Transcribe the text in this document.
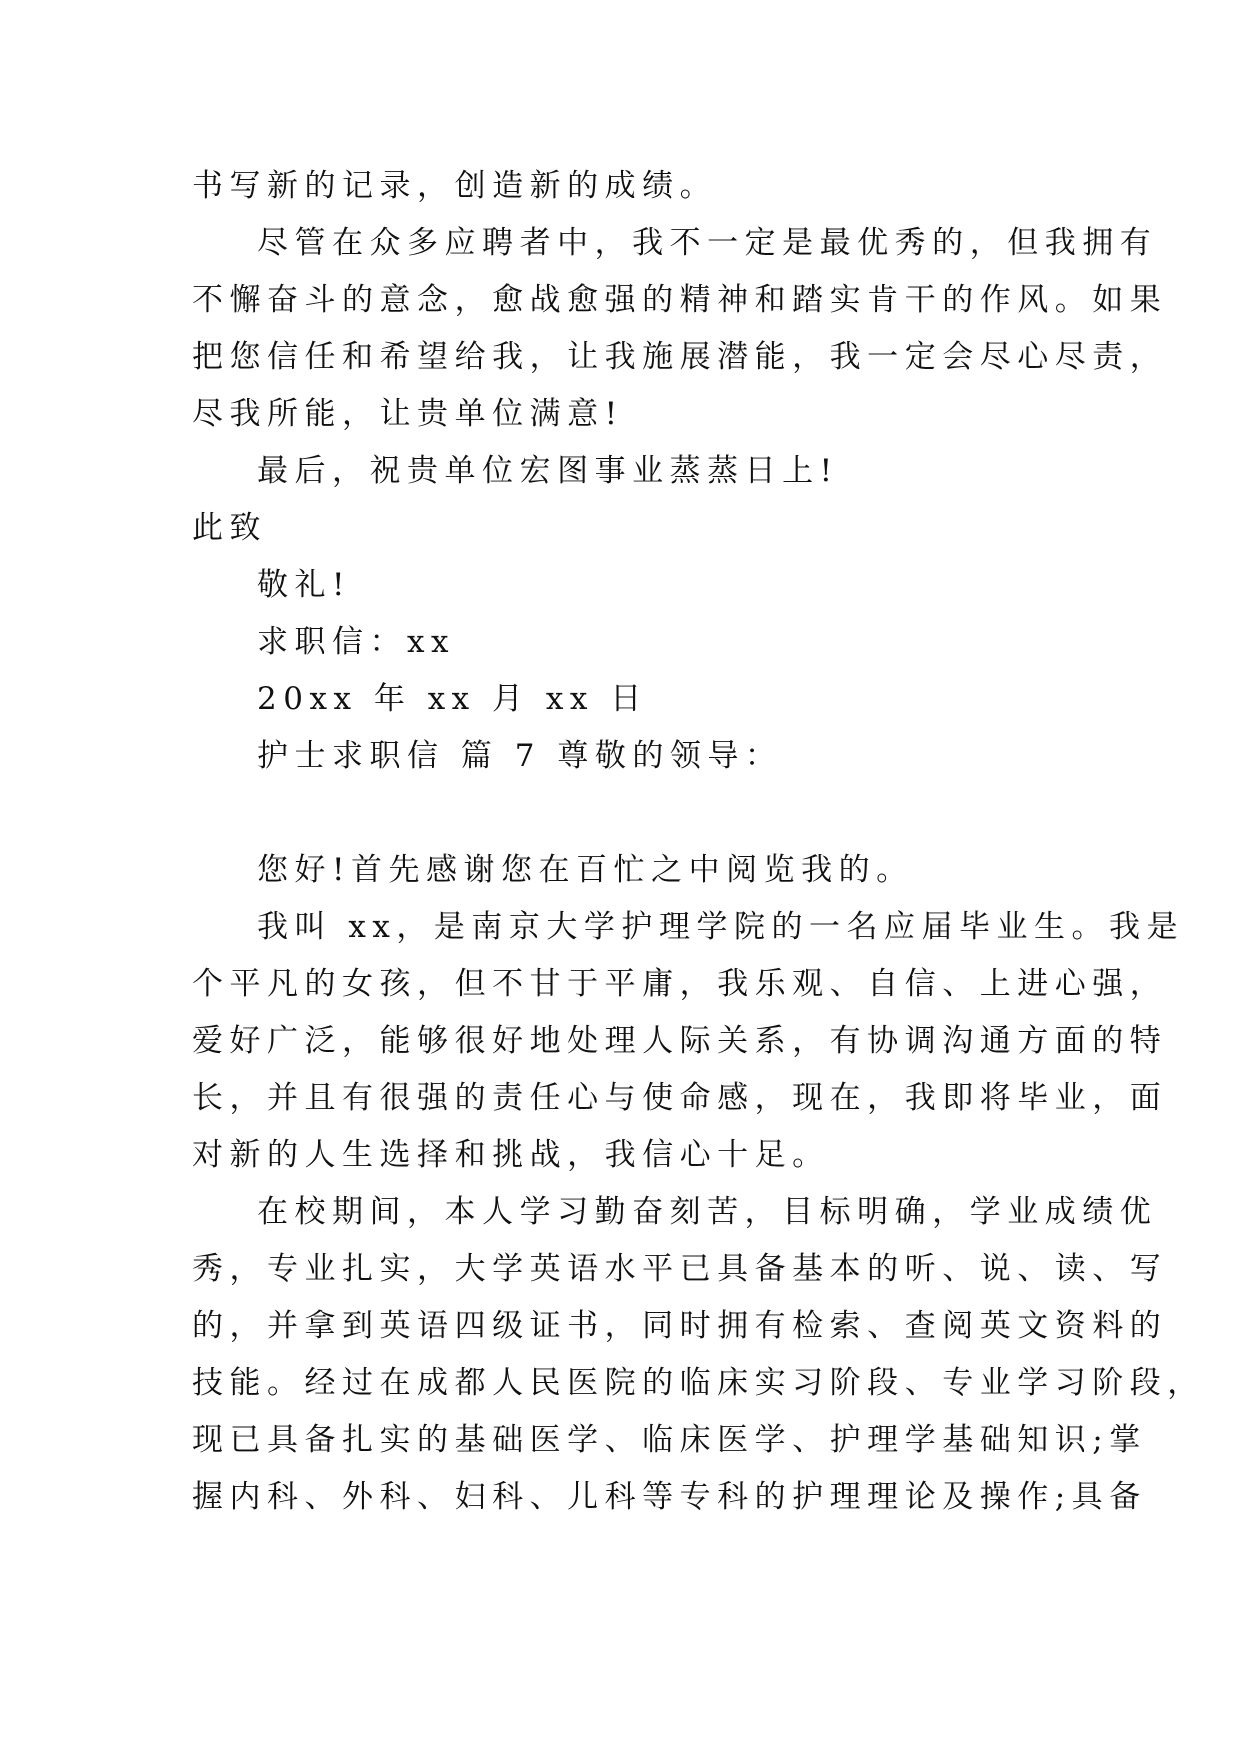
书写新的记录，创造新的成绩。
尽管在众多应聘者中，我不一定是最优秀的，但我拥有
不懈奋斗的意念，愈战愈强的精神和踏实肯干的作风。如果
把您信任和希望给我，让我施展潜能，我一定会尽心尽责，
尽我所能，让贵单位满意!
最后，祝贵单位宏图事业蒸蒸日上!
此致
敬礼!
求职信：xx
20xx 年 xx 月 xx 日
护士求职信 篇 7 尊敬的领导：
您好!首先感谢您在百忙之中阅览我的。
我叫 xx，是南京大学护理学院的一名应届毕业生。我是
个平凡的女孩，但不甘于平庸，我乐观、自信、上进心强，
爱好广泛，能够很好地处理人际关系，有协调沟通方面的特
长，并且有很强的责任心与使命感，现在，我即将毕业，面
对新的人生选择和挑战，我信心十足。
在校期间，本人学习勤奋刻苦，目标明确，学业成绩优
秀，专业扎实，大学英语水平已具备基本的听、说、读、写
的，并拿到英语四级证书，同时拥有检索、查阅英文资料的
技能。经过在成都人民医院的临床实习阶段、专业学习阶段，
现已具备扎实的基础医学、临床医学、护理学基础知识;掌
握内科、外科、妇科、儿科等专科的护理理论及操作;具备
